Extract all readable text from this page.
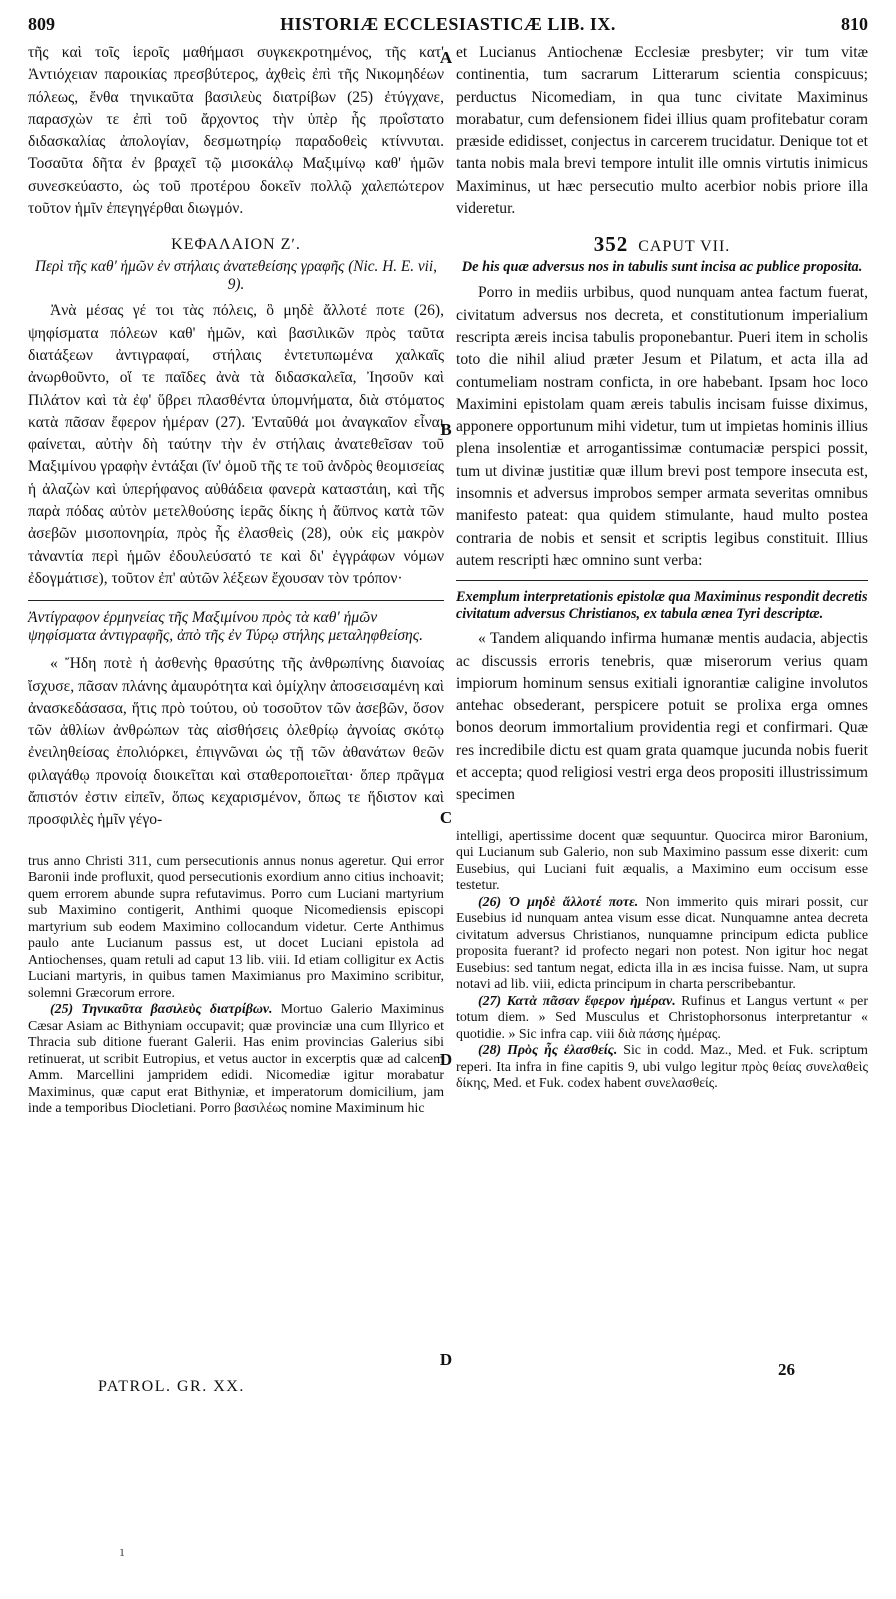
809	HISTORIÆ ECCLESIASTICÆ LIB. IX.	810
A
B
C
D
D

τῆς καὶ τοῖς ἱεροῖς μαθήμασι συγκεκροτημένος, τῆς κατ' Ἀντιόχειαν παροικίας πρεσβύτερος, ἀχθεὶς ἐπὶ τῆς Νικομηδέων πόλεως, ἔνθα τηνικαῦτα βασιλεὺς διατρίβων (25) ἐτύγχανε, παρασχὼν τε ἐπὶ τοῦ ἄρχοντος τὴν ὑπὲρ ἧς προΐστατο διδασκαλίας ἀπολογίαν, δεσμωτηρίῳ παραδοθεὶς κτίννυται. Τοσαῦτα δῆτα ἐν βραχεῖ τῷ μισοκάλῳ Μαξιμίνῳ καθ' ἡμῶν συνεσκεύαστο, ὡς τοῦ προτέρου δοκεῖν πολλῷ χαλεπώτερον τοῦτον ἡμῖν ἐπεγηγέρθαι διωγμόν.

ΚΕΦΑΛΑΙΟΝ Ζʹ.
Περὶ τῆς καθ' ἡμῶν ἐν στήλαις ἀνατεθείσης γραφῆς (Nic. H. E. vii, 9).

Ἀνὰ μέσας γέ τοι τὰς πόλεις, ὃ μηδὲ ἄλλοτέ ποτε (26), ψηφίσματα πόλεων καθ' ἡμῶν, καὶ βασιλικῶν πρὸς ταῦτα διατάξεων ἀντιγραφαί, στήλαις ἐντετυπωμένα χαλκαῖς ἀνωρθοῦντο, οἵ τε παῖδες ἀνὰ τὰ διδασκαλεῖα, Ἰησοῦν καὶ Πιλάτον καὶ τὰ ἐφ' ὕβρει πλασθέντα ὑπομνήματα, διὰ στόματος κατὰ πᾶσαν ἔφερον ἡμέραν (27). Ἐνταῦθά μοι ἀναγκαῖον εἶναι φαίνεται, αὐτὴν δὴ ταύτην τὴν ἐν στήλαις ἀνατεθεῖσαν τοῦ Μαξιμίνου γραφὴν ἐντάξαι (ἵν' ὁμοῦ τῆς τε τοῦ ἀνδρὸς θεομισείας ἡ ἀλαζὼν καὶ ὑπερήφανος αὐθάδεια φανερὰ καταστάιη, καὶ τῆς παρὰ πόδας αὐτὸν μετελθούσης ἱερᾶς δίκης ἡ ἄϋπνος κατὰ τῶν ἀσεβῶν μισοπονηρία, πρὸς ἧς ἐλασθεὶς (28), οὐκ εἰς μακρὸν τἀναντία περὶ ἡμῶν ἐδουλεύσατό τε καὶ δι' ἐγγράφων νόμων ἐδογμάτισε), τοῦτον ἐπ' αὐτῶν λέξεων ἔχουσαν τὸν τρόπον·

Ἀντίγραφον ἑρμηνείας τῆς Μαξιμίνου πρὸς τὰ καθ' ἡμῶν ψηφίσματα ἀντιγραφῆς, ἀπὸ τῆς ἐν Τύρῳ στήλης μεταληφθείσης.

« Ἤδη ποτὲ ἡ ἀσθενὴς θρασύτης τῆς ἀνθρωπίνης διανοίας ἴσχυσε, πᾶσαν πλάνης ἀμαυρότητα καὶ ὁμίχλην ἀποσεισαμένη καὶ ἀνασκεδάσασα, ἥτις πρὸ τούτου, οὐ τοσοῦτον τῶν ἀσεβῶν, ὅσον τῶν ἀθλίων ἀνθρώπων τὰς αἰσθήσεις ὀλεθρίῳ ἀγνοίας σκότῳ ἐνειληθείσας ἐπολιόρκει, ἐπιγνῶναι ὡς τῇ τῶν ἀθανάτων θεῶν φιλαγάθῳ προνοίᾳ διοικεῖται καὶ σταθεροποιεῖται· ὅπερ πρᾶγμα ἄπιστόν ἐστιν εἰπεῖν, ὅπως κεχαρισμένον, ὅπως τε ἥδιστον καὶ προσφιλὲς ἡμῖν γέγο-

trus anno Christi 311, cum persecutionis annus nonus ageretur. Qui error Baronii inde profluxit, quod persecutionis exordium anno citius inchoavit; quem errorem abunde supra refutavimus. Porro cum Luciani martyrium sub Maximino contigerit, Anthimi quoque Nicomediensis episcopi martyrium sub eodem Maximino collocandum videtur. Certe Anthimus paulo ante Lucianum passus est, ut docet Luciani epistola ad Antiochenses, quam retuli ad caput 13 lib. viii. Id etiam colligitur ex Actis Luciani martyris, in quibus tamen Maximianus pro Maximino scribitur, solemni Græcorum errore.

(25) Τηνικαῦτα βασιλεὺς διατρίβων. Mortuo Galerio Maximinus Cæsar Asiam ac Bithyniam occupavit; quæ provinciæ una cum Illyrico et Thracia sub ditione fuerant Galerii. Has enim provincias Galerius sibi retinuerat, ut scribit Eutropius, et vetus auctor in excerptis quæ ad calcem Amm. Marcellini jampridem edidi. Nicomediæ igitur morabatur Maximinus, quæ caput erat Bithyniæ, et imperatorum domicilium, jam inde a temporibus Diocletiani. Porro βασιλέως nomine Maximinum hic

et Lucianus Antiochenæ Ecclesiæ presbyter; vir tum vitæ continentia, tum sacrarum Litterarum scientia conspicuus; perductus Nicomediam, in qua tunc civitate Maximinus morabatur, cum defensionem fidei illius quam profitebatur coram præside edidisset, conjectus in carcerem trucidatur. Denique tot et tanta nobis mala brevi tempore intulit ille omnis virtutis inimicus Maximinus, ut hæc persecutio multo acerbior nobis priore illa videretur.

352 CAPUT VII.
De his quæ adversus nos in tabulis sunt incisa ac publice proposita.

Porro in mediis urbibus, quod nunquam antea factum fuerat, civitatum adversus nos decreta, et constitutionum imperialium rescripta æreis incisa tabulis proponebantur. Pueri item in scholis toto die nihil aliud præter Jesum et Pilatum, et acta illa ad contumeliam nostram conficta, in ore habebant. Ipsam hoc loco Maximini epistolam quam æreis tabulis incisam fuisse diximus, apponere opportunum mihi videtur, tum ut impietas hominis illius plena insolentiæ et arrogantissimæ contumaciæ perspici possit, tum ut divinæ justitiæ quæ illum brevi post tempore insecuta est, insomnis et adversus improbos semper armata severitas omnibus manifesto pateat: qua quidem stimulante, haud multo postea contraria de nobis et sensit et scriptis legibus constituit. Illius autem rescripti hæc omnino sunt verba:

Exemplum interpretationis epistolæ qua Maximinus respondit decretis civitatum adversus Christianos, ex tabula ænea Tyri descriptæ.

« Tandem aliquando infirma humanæ mentis audacia, abjectis ac discussis erroris tenebris, quæ miserorum verius quam impiorum hominum sensus exitiali ignorantiæ caligine involutos antehac obsederant, perspicere potuit se prolixa erga omnes bonos deorum immortalium providentia regi et confirmari. Quæ res incredibile dictu est quam grata quamque jucunda nobis fuerit et accepta; quod religiosi vestri erga deos propositi illustrissimum specimen

intelligi, apertissime docent quæ sequuntur. Quocirca miror Baronium, qui Lucianum sub Galerio, non sub Maximino passum esse dixerit: cum Eusebius, qui Luciani fuit æqualis, a Maximino eum occisum esse testetur.

(26) Ὁ μηδὲ ἄλλοτέ ποτε. Non immerito quis mirari possit, cur Eusebius id nunquam antea visum esse dicat. Nunquamne antea decreta civitatum adversus Christianos, nunquamne principum edicta publice proposita fuerant? id profecto negari non potest. Non igitur hoc negat Eusebius: sed tantum negat, edicta illa in æs incisa fuisse. Nam, ut supra notavi ad lib. viii, edicta principum in charta perscribebantur.

(27) Κατὰ πᾶσαν ἔφερον ἡμέραν. Rufinus et Langus vertunt « per totum diem. » Sed Musculus et Christophorsonus interpretantur « quotidie. » Sic infra cap. viii διὰ πάσης ἡμέρας.

(28) Πρὸς ἧς ἐλασθείς. Sic in codd. Maz., Med. et Fuk. scriptum reperi. Ita infra in fine capitis 9, ubi vulgo legitur πρὸς θείας συνελαθεὶς δίκης, Med. et Fuk. codex habent συνελασθείς.

PATROL. GR. XX.
26
ı
